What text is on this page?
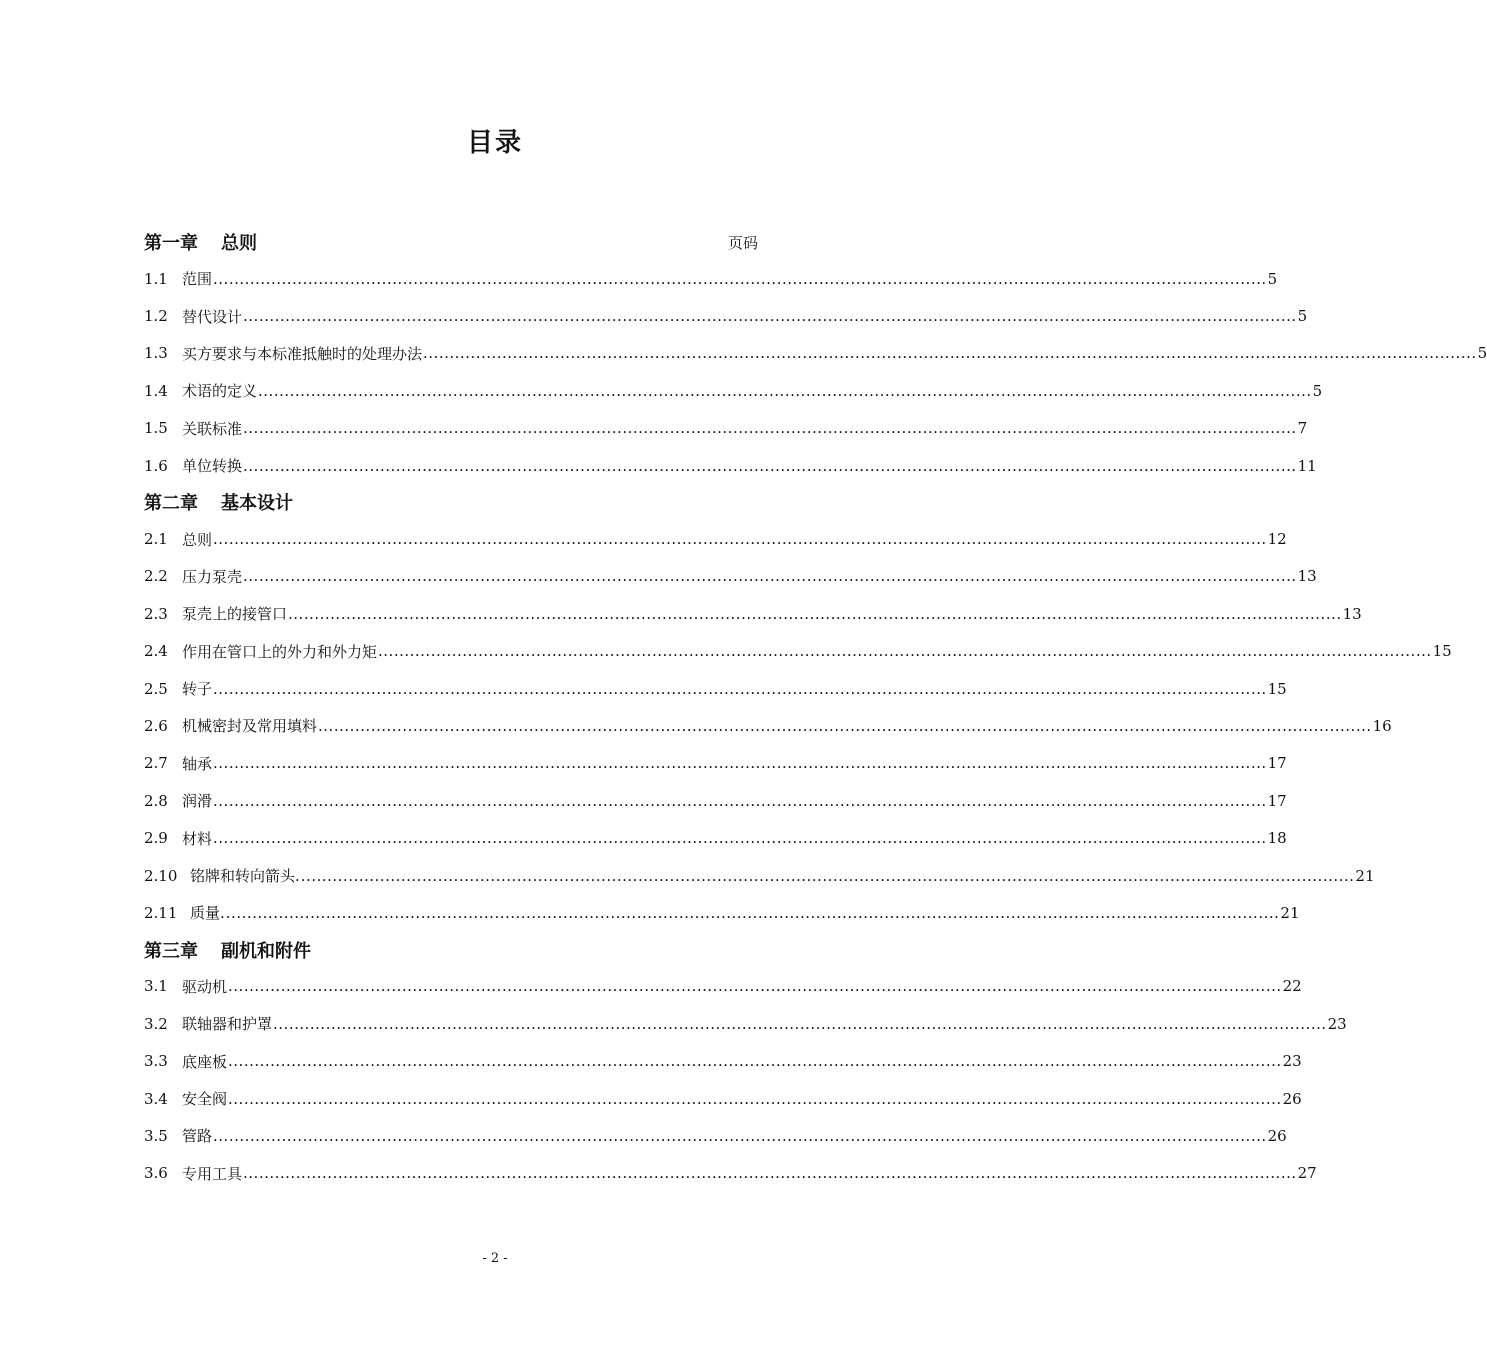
目录
第一章 总则	页码
1.1 范围 ........................................................................................................................................................................................................ 5
1.2 替代设计 ........................................................................................................................................................................................................ 5
1.3 买方要求与本标准抵触时的处理办法 ........................................................................................................................................................................................................ 5
1.4 术语的定义 ........................................................................................................................................................................................................ 5
1.5 关联标准 ........................................................................................................................................................................................................ 7
1.6 单位转换 ........................................................................................................................................................................................................ 11
第二章 基本设计
2.1 总则 ........................................................................................................................................................................................................ 12
2.2 压力泵壳 ........................................................................................................................................................................................................ 13
2.3 泵壳上的接管口 ........................................................................................................................................................................................................ 13
2.4 作用在管口上的外力和外力矩 ........................................................................................................................................................................................................ 15
2.5 转子 ........................................................................................................................................................................................................ 15
2.6 机械密封及常用填料 ........................................................................................................................................................................................................ 16
2.7 轴承 ........................................................................................................................................................................................................ 17
2.8 润滑 ........................................................................................................................................................................................................ 17
2.9 材料 ........................................................................................................................................................................................................ 18
2.10 铭牌和转向箭头. ........................................................................................................................................................................................................ 21
2.11 质量. ........................................................................................................................................................................................................ 21
第三章 副机和附件
3.1 驱动机 ........................................................................................................................................................................................................ 22
3.2 联轴器和护罩 ........................................................................................................................................................................................................ 23
3.3 底座板 ........................................................................................................................................................................................................ 23
3.4 安全阀 ........................................................................................................................................................................................................ 26
3.5 管路 ........................................................................................................................................................................................................ 26
3.6 专用工具 ........................................................................................................................................................................................................ 27
- 2 -
